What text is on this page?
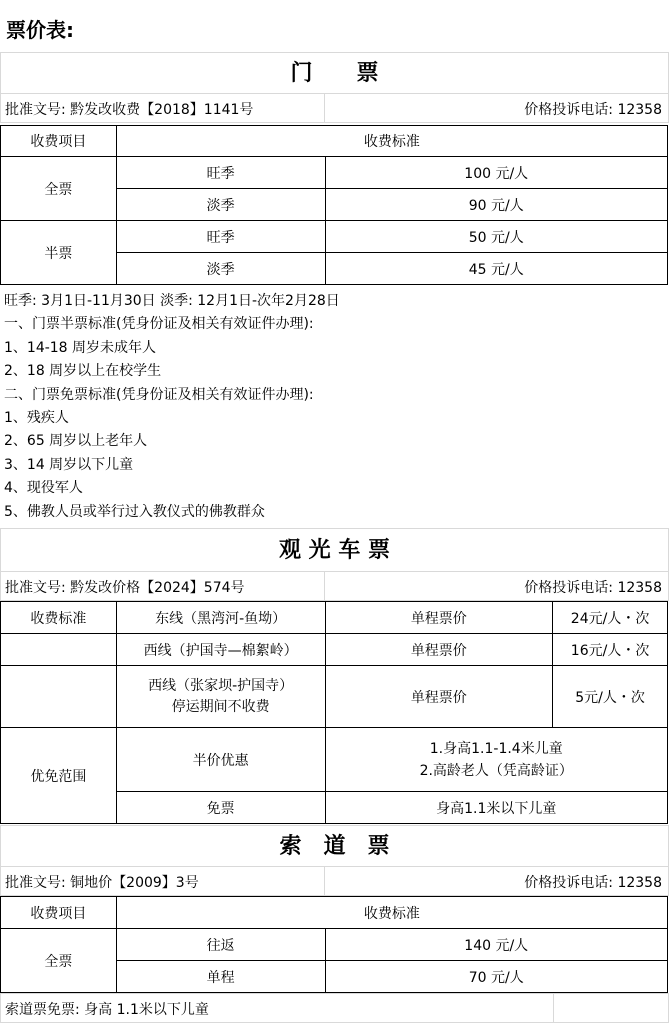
票价表:
门　　票
批准文号: 黔发改收费【2018】1141号	价格投诉电话: 12358
收费项目	收费标准	
全票	旺季	100 元/人
	淡季	90 元/人
半票	旺季	50 元/人
	淡季	45 元/人
旺季: 3月1日-11月30日 淡季: 12月1日-次年2月28日
一、门票半票标准(凭身份证及相关有效证件办理):
1、14-18 周岁未成年人
2、18 周岁以上在校学生
二、门票免票标准(凭身份证及相关有效证件办理):
1、残疾人
2、65 周岁以上老年人
3、14 周岁以下儿童
4、现役军人
5、佛教人员或举行过入教仪式的佛教群众
观 光 车 票
批准文号: 黔发改价格【2024】574号	价格投诉电话: 12358
收费标准	东线（黑湾河-鱼坳）	单程票价	24元/人・次
	西线（护国寺—棉絮岭）	单程票价	16元/人・次

	西线（张家坝-护国寺）
停运期间不收费	单程票价	5元/人・次
优免范围	半价优惠	1.身高1.1-1.4米儿童
2.高龄老人（凭高龄证）	

	免票	身高1.1米以下儿童	
索　道　票
批准文号: 铜地价【2009】3号	价格投诉电话: 12358
收费项目	收费标准	
全票	往返	140 元/人
	单程	70 元/人
索道票免票: 身高 1.1米以下儿童
